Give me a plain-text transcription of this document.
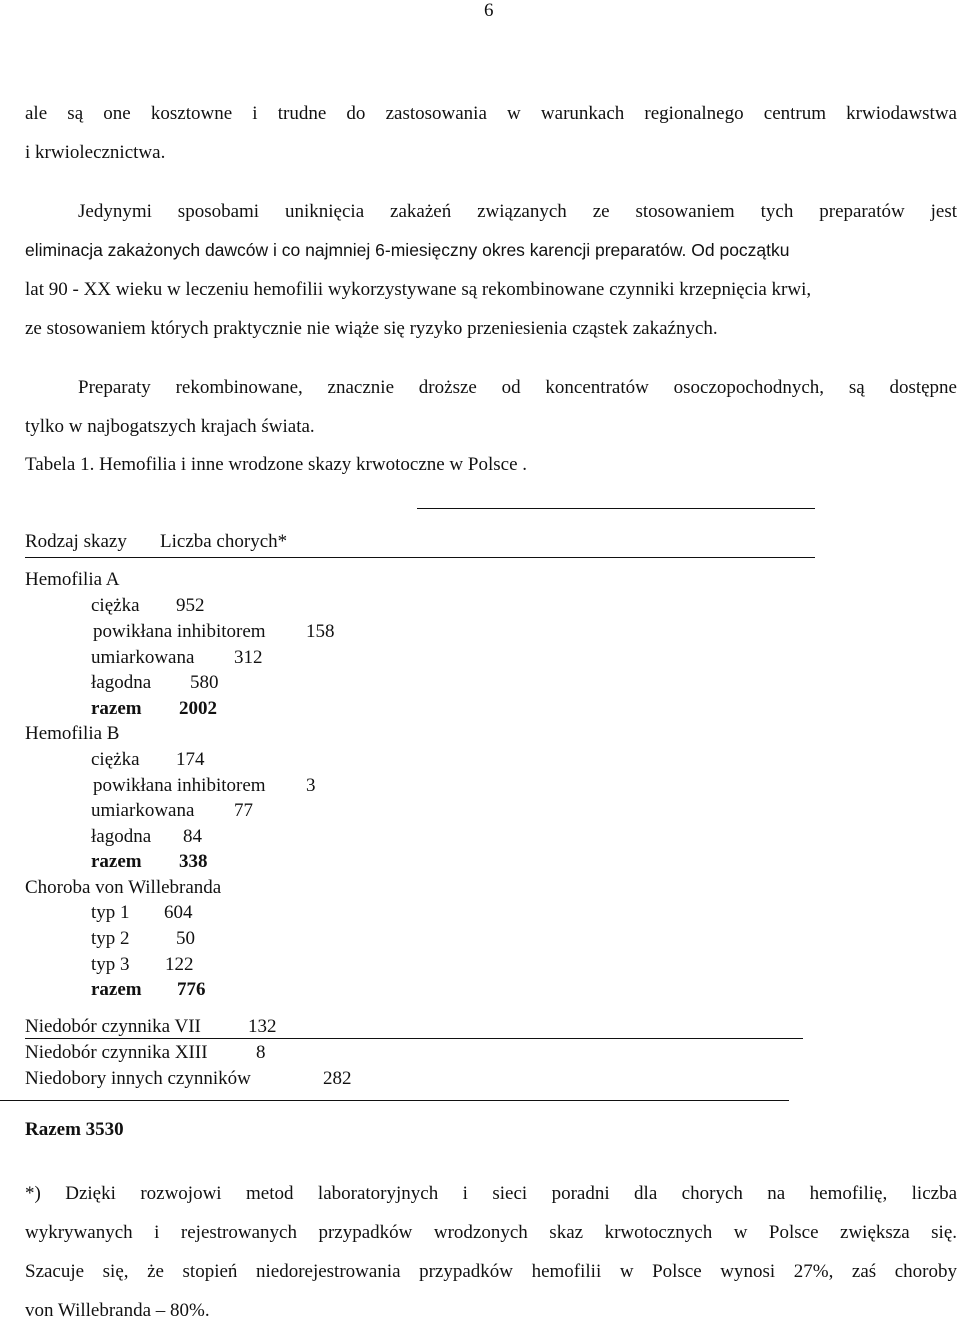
6
ale są one kosztowne i trudne do zastosowania w warunkach regionalnego centrum krwiodawstwa
i krwiolecznictwa.
Jedynymi sposobami uniknięcia zakażeń związanych ze stosowaniem tych preparatów jest
eliminacja zakażonych dawców i co najmniej 6-miesięczny okres karencji preparatów. Od początku
lat 90 - XX wieku w leczeniu hemofilii wykorzystywane są rekombinowane czynniki krzepnięcia krwi,
ze stosowaniem których praktycznie nie wiąże się ryzyko przeniesienia cząstek zakaźnych.
Preparaty rekombinowane, znacznie droższe od koncentratów osoczopochodnych, są dostępne
tylko w najbogatszych krajach świata.
Tabela 1. Hemofilia i inne wrodzone skazy krwotoczne w Polsce .
Rodzaj skazy Liczba chorych*
Hemofilia A
ciężka 952
powikłana inhibitorem 158
umiarkowana 312
łagodna 580
razem 2002
Hemofilia B
ciężka 174
powikłana inhibitorem 3
umiarkowana 77
łagodna 84
razem 338
Choroba von Willebranda
typ 1 604
typ 2 50
typ 3 122
razem 776
Niedobór czynnika VII 132
Niedobór czynnika XIII	8
Niedobory innych czynników	282
Razem 3530
*) Dzięki rozwojowi metod laboratoryjnych i sieci poradni dla chorych na hemofilię, liczba
wykrywanych i rejestrowanych przypadków wrodzonych skaz krwotocznych w Polsce zwiększa się.
Szacuje się, że stopień niedorejestrowania przypadków hemofilii w Polsce wynosi 27%, zaś choroby
von Willebranda – 80%.
